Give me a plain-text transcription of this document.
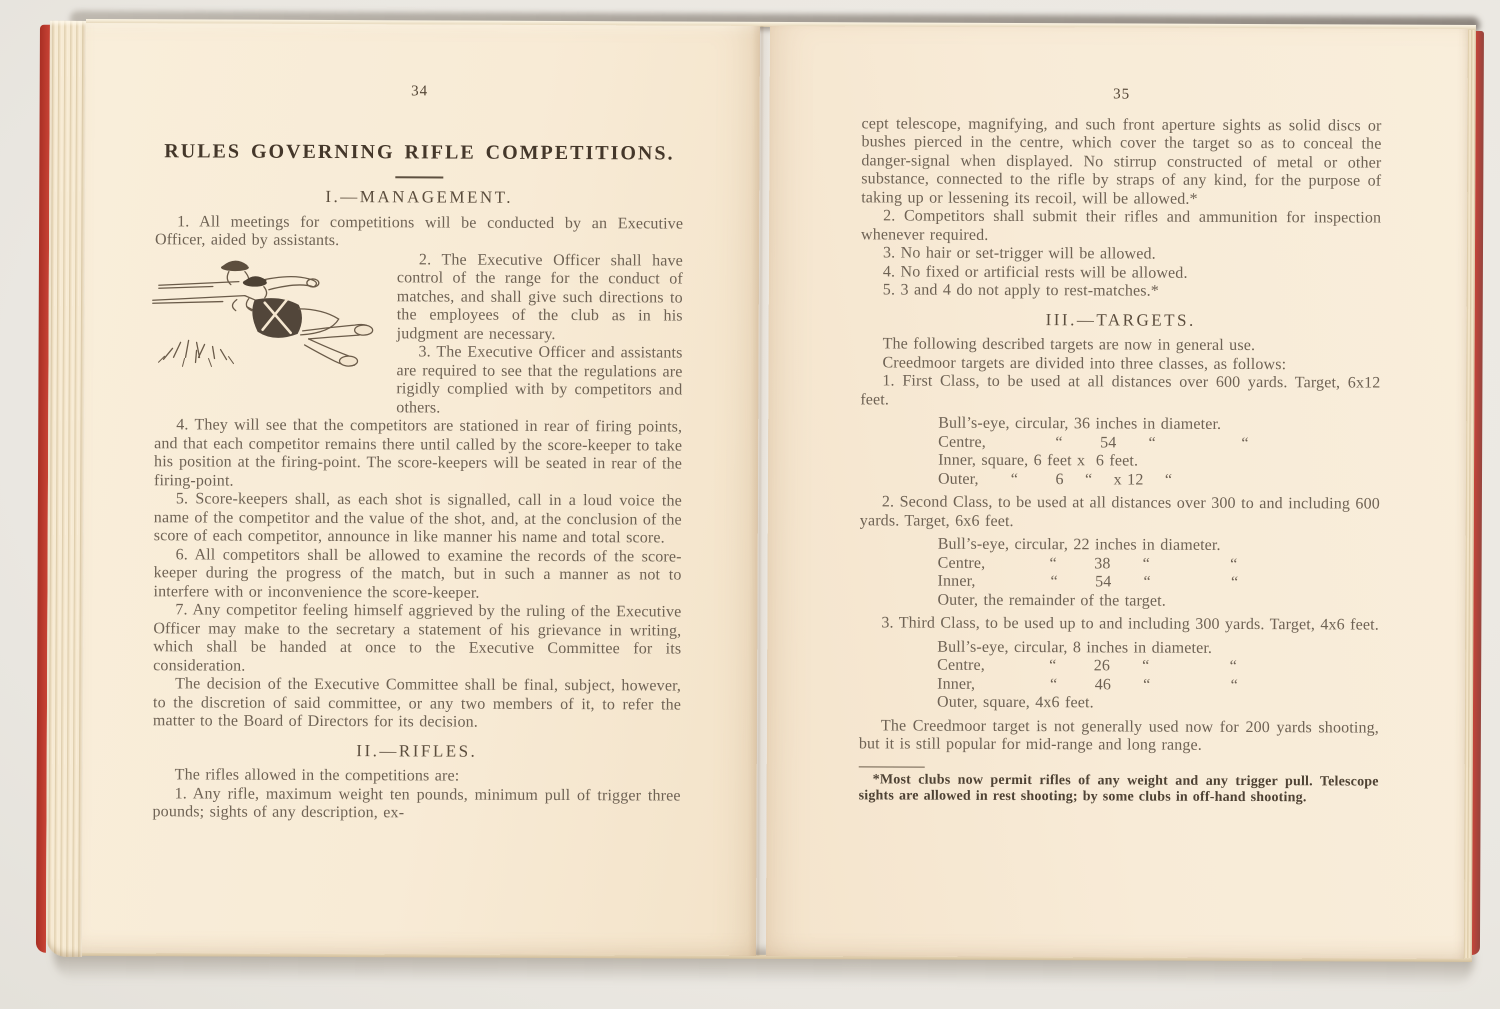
34
RULES GOVERNING RIFLE COMPETITIONS.
I.—MANAGEMENT.

1. All meetings for competitions will be conducted by an Executive Officer, aided by assistants.

2. The Executive Officer shall have control of the range for the conduct of matches, and shall give such directions to the employees of the club as in his judgment are necessary.

3. The Executive Officer and assistants are required to see that the regulations are rigidly complied with by competitors and others.

4. They will see that the competitors are stationed in rear of firing points, and that each competitor remains there until called by the score-keeper to take his position at the firing-point. The score-keepers will be seated in rear of the firing-point.

5. Score-keepers shall, as each shot is signalled, call in a loud voice the name of the competitor and the value of the shot, and, at the conclusion of the score of each competitor, announce in like manner his name and total score.

6. All competitors shall be allowed to examine the records of the score-keeper during the progress of the match, but in such a manner as not to interfere with or inconvenience the score-keeper.

7. Any competitor feeling himself aggrieved by the ruling of the Executive Officer may make to the secretary a statement of his grievance in writing, which shall be handed at once to the Executive Committee for its consideration.

The decision of the Executive Committee shall be final, subject, however, to the discretion of said committee, or any two members of it, to refer the matter to the Board of Directors for its decision.

II.—RIFLES.

The rifles allowed in the competitions are:

1. Any rifle, maximum weight ten pounds, minimum pull of trigger three pounds; sights of any description, ex-

35

cept telescope, magnifying, and such front aperture sights as solid discs or bushes pierced in the centre, which cover the target so as to conceal the danger-signal when displayed. No stirrup constructed of metal or other substance, connected to the rifle by straps of any kind, for the purpose of taking up or lessening its recoil, will be allowed.*

2. Competitors shall submit their rifles and ammunition for inspection whenever required.

3. No hair or set-trigger will be allowed.

4. No fixed or artificial rests will be allowed.

5. 3 and 4 do not apply to rest-matches.*

III.—TARGETS.

The following described targets are now in general use.

Creedmoor targets are divided into three classes, as follows:

1. First Class, to be used at all distances over 600 yards. Target, 6x12 feet.

Bull’s-eye, circular, 36 inches in diameter.
Centre,             “       54      “                “
Inner, square, 6 feet x  6 feet.
Outer,      “       6    “    x 12    “

2. Second Class, to be used at all distances over 300 to and including 600 yards. Target, 6x6 feet.

Bull’s-eye, circular, 22 inches in diameter.
Centre,            “       38      “               “
Inner,              “       54      “               “
Outer, the remainder of the target.

3. Third Class, to be used up to and including 300 yards. Target, 4x6 feet.

Bull’s-eye, circular, 8 inches in diameter.
Centre,            “       26      “               “
Inner,              “       46      “               “
Outer, square, 4x6 feet.

The Creedmoor target is not generally used now for 200 yards shooting, but it is still popular for mid-range and long range.

*Most clubs now permit rifles of any weight and any trigger pull. Telescope sights are allowed in rest shooting; by some clubs in off-hand shooting.
